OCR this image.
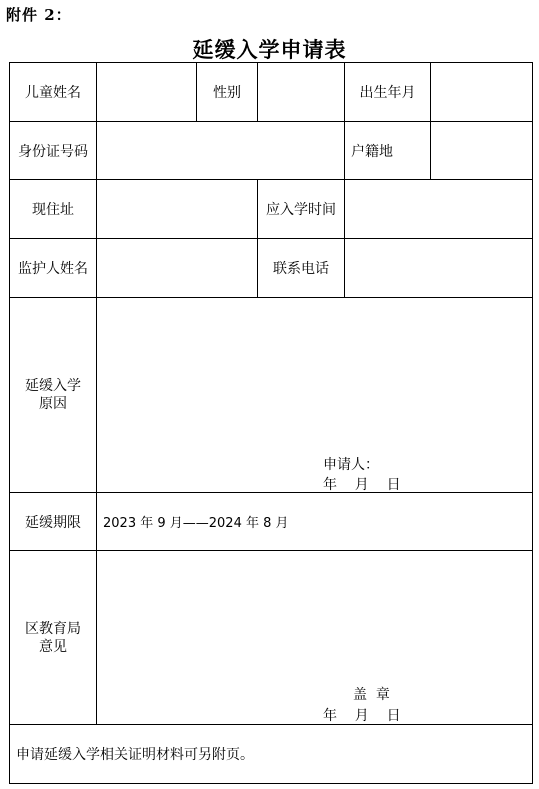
附件 2：
延缓入学申请表
儿童姓名		性别		出生年月	
身份证号码				户籍地	
现住址			应入学时间		
监护人姓名			联系电话		
延缓入学
原因	申请人：
年    月    日				

延缓期限	2023 年 9 月——2024 年 8 月				
区教育局
意见	盖  章
年    月    日				

申请延缓入学相关证明材料可另附页。					
